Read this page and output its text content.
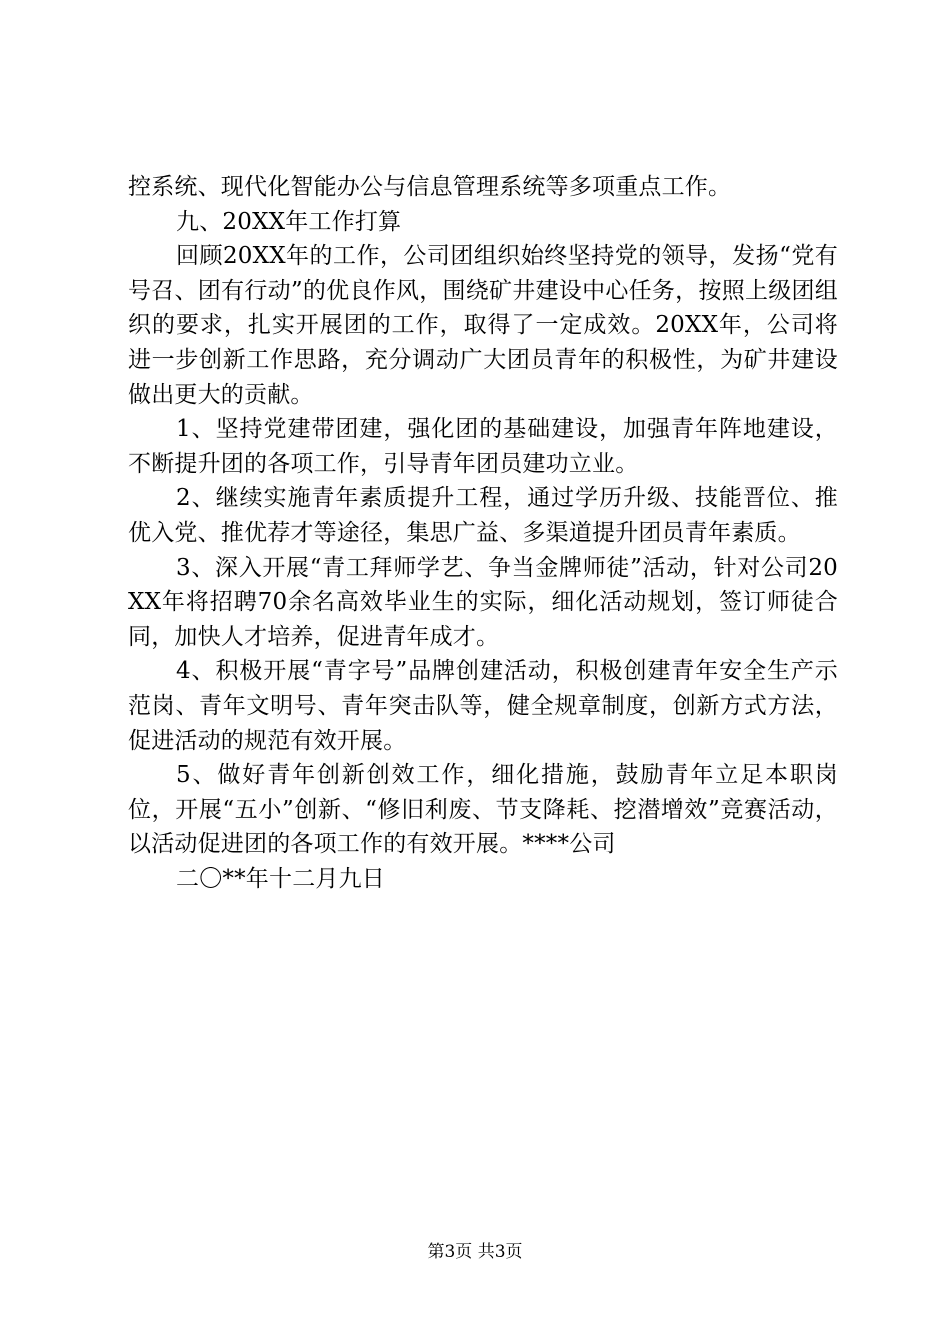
控系统、现代化智能办公与信息管理系统等多项重点工作。

九、20XX年工作打算

回顾20XX年的工作，公司团组织始终坚持党的领导，发扬“党有号召、团有行动”的优良作风，围绕矿井建设中心任务，按照上级团组织的要求，扎实开展团的工作，取得了一定成效。20XX年，公司将进一步创新工作思路，充分调动广大团员青年的积极性，为矿井建设做出更大的贡献。

1、坚持党建带团建，强化团的基础建设，加强青年阵地建设，不断提升团的各项工作，引导青年团员建功立业。

2、继续实施青年素质提升工程，通过学历升级、技能晋位、推优入党、推优荐才等途径，集思广益、多渠道提升团员青年素质。

3、深入开展“青工拜师学艺、争当金牌师徒”活动，针对公司20XX年将招聘70余名高效毕业生的实际，细化活动规划，签订师徒合同，加快人才培养，促进青年成才。

4、积极开展“青字号”品牌创建活动，积极创建青年安全生产示范岗、青年文明号、青年突击队等，健全规章制度，创新方式方法，促进活动的规范有效开展。

5、做好青年创新创效工作，细化措施，鼓励青年立足本职岗位，开展“五小”创新、“修旧利废、节支降耗、挖潜增效”竞赛活动，以活动促进团的各项工作的有效开展。****公司

二〇**年十二月九日

第3页 共3页
